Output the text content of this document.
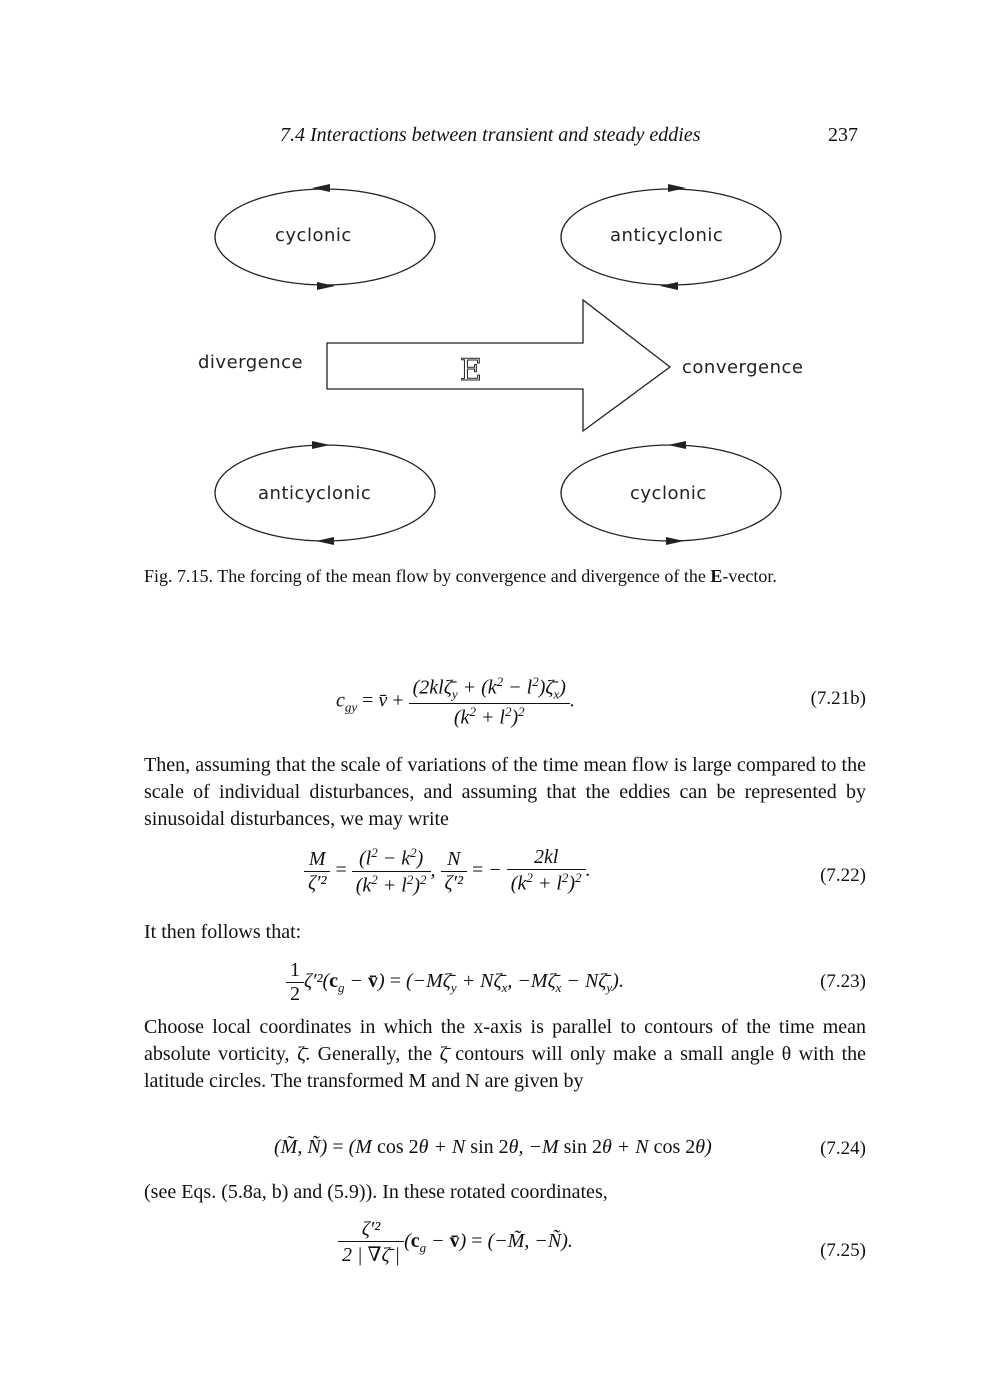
7.4 Interactions between transient and steady eddies	237
cyclonic	anticyclonic
E
divergence	convergence
anticyclonic	cyclonic
Fig. 7.15. The forcing of the mean flow by convergence and divergence of the E-vector.
$c_{gy}$ = v̄ + $\frac{(2kl\zetā_y + (k^2 - l^2)\zetā_x)}{(k^2 + l^2)^2}$ .	(7.21b)
Then, assuming that the scale of variations of the time mean flow is large compared to the scale of individual disturbances, and assuming that the eddies can be represented by sinusoidal disturbances, we may write
$\frac{M}{\text{ζ′²}} = \frac{(l^2 - k^2)}{(k^2 + l^2)^2}$ , $\frac{N}{\text{ζ′²}}$ = − $\frac{2kl}{(k^2 + l^2)^2}$ .	(7.22)
It then follows that:
$\frac{1}{2} \zeta'^2(c_g$ − v̄) = ($-M\zetā_y$ + $N\zetā_x$, $-M\zetā_x$ − $N\zetā_y$).	(7.23)
Choose local coordinates in which the x-axis is parallel to contours of the time mean absolute vorticity, ζ̄. Generally, the ζ̄ contours will only make a small angle θ with the latitude circles. The transformed M and N are given by
(M̃, Ñ) = (M cos 2θ + N sin 2θ, −M sin 2θ + N cos 2θ)	(7.24)
(see Eqs. (5.8a, b) and (5.9)). In these rotated coordinates,
$\frac{\text{ζ′²}}{2 | \nabla\zetā |} (c_g$ − v̄) = (−M̃, −Ñ).	(7.25)
